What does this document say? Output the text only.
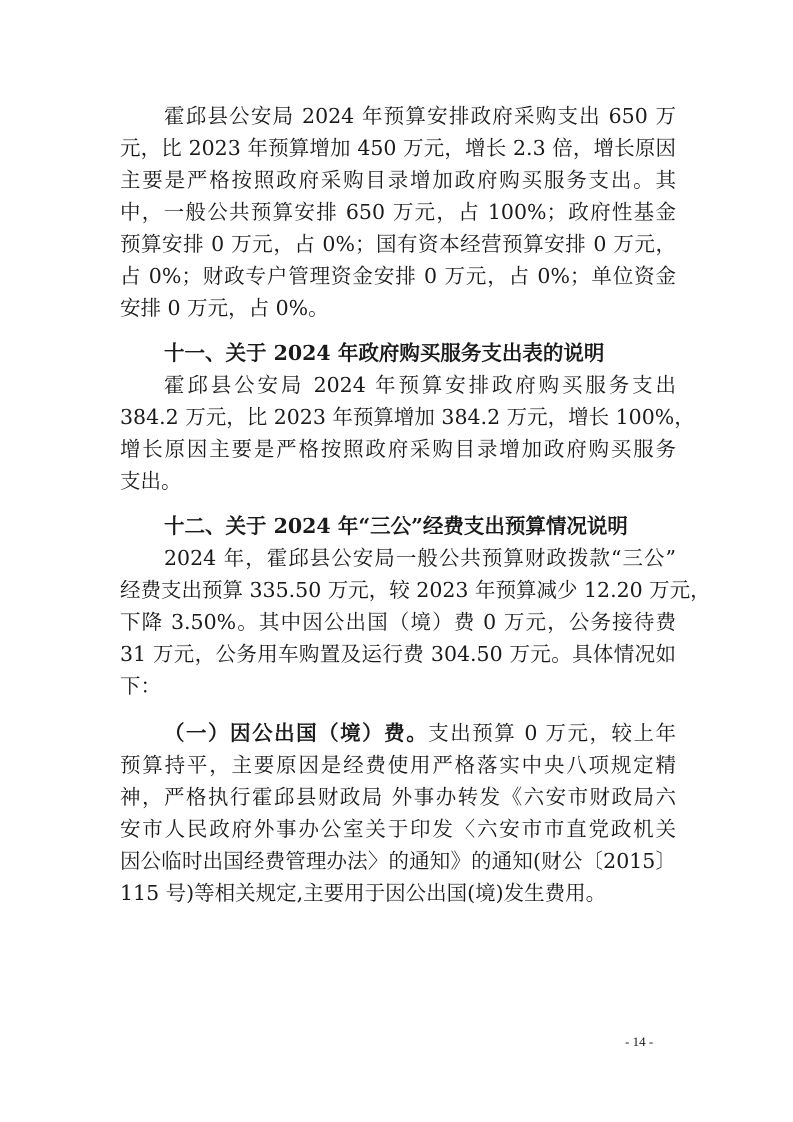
霍邱县公安局 2024 年预算安排政府采购支出 650 万

元，比 2023 年预算增加 450 万元，增长 2.3 倍，增长原因

主要是严格按照政府采购目录增加政府购买服务支出。其

中，一般公共预算安排 650 万元，占 100%；政府性基金

预算安排 0 万元，占 0%；国有资本经营预算安排 0 万元，

占 0%；财政专户管理资金安排 0 万元，占 0%；单位资金

安排 0 万元，占 0%。

十一、关于 2024 年政府购买服务支出表的说明

霍邱县公安局 2024 年预算安排政府购买服务支出

384.2 万元，比 2023 年预算增加 384.2 万元，增长 100%，

增长原因主要是严格按照政府采购目录增加政府购买服务

支出。

十二、关于 2024 年“三公”经费支出预算情况说明

2024 年，霍邱县公安局一般公共预算财政拨款“三公”

经费支出预算 335.50 万元，较 2023 年预算减少 12.20 万元，

下降 3.50%。其中因公出国（境）费 0 万元，公务接待费

31 万元，公务用车购置及运行费 304.50 万元。具体情况如

下：

（一）因公出国（境）费。支出预算 0 万元，较上年

预算持平，主要原因是经费使用严格落实中央八项规定精

神，严格执行霍邱县财政局 外事办转发《六安市财政局六

安市人民政府外事办公室关于印发〈六安市市直党政机关

因公临时出国经费管理办法〉的通知》的通知(财公〔2015〕

115 号)等相关规定,主要用于因公出国(境)发生费用。

- 14 -
